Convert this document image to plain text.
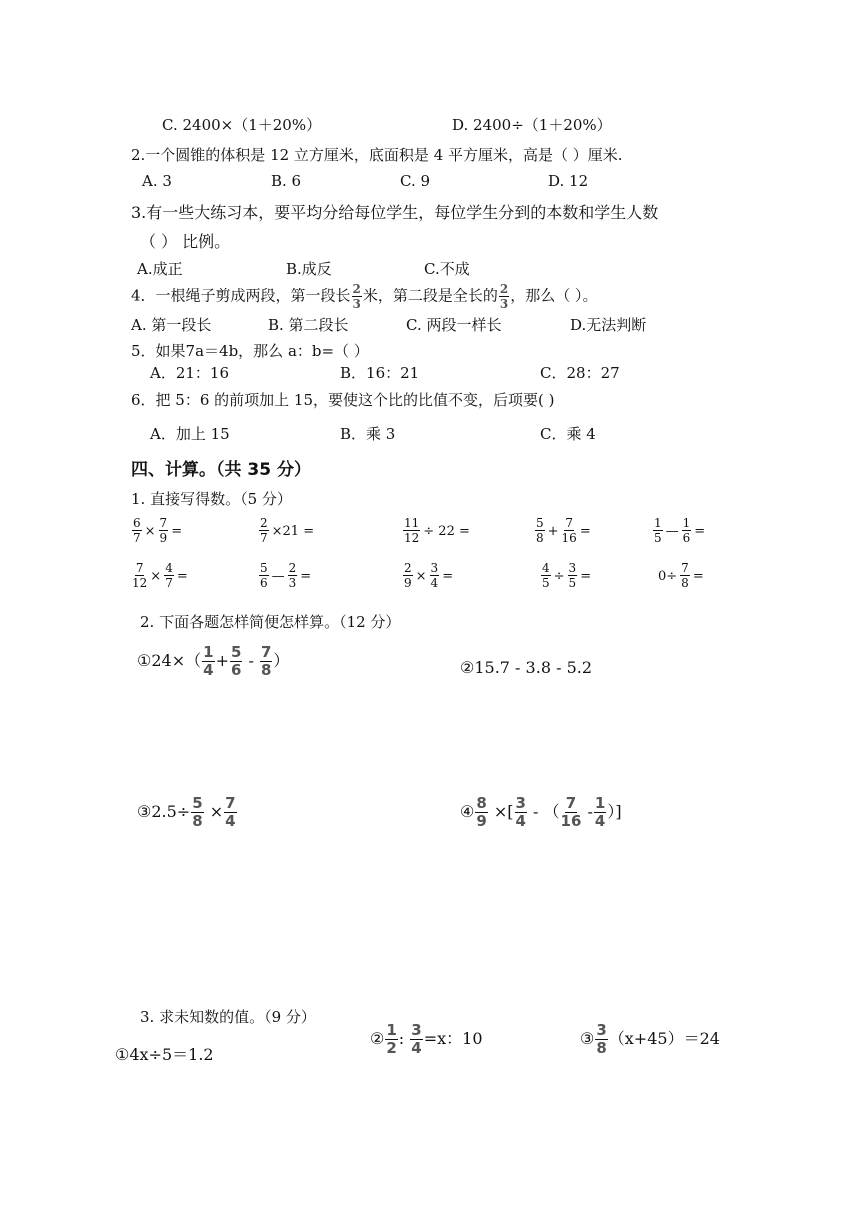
C. 2400×（1＋20%）	D. 2400÷（1＋20%）
2.一个圆锥的体积是 12 立方厘米，底面积是 4 平方厘米，高是（ ）厘米.
A. 3	B. 6	C. 9	D. 12
3.有一些大练习本，要平均分给每位学生，每位学生分到的本数和学生人数
（ ） 比例。
A.成正	B.成反	C.不成
4．一根绳子剪成两段，第一段长 $\frac{2}{3}$ 米，第二段是全长的 $\frac{2}{3}$ ，那么（ ）。
A. 第一段长	B. 第二段长	C. 两段一样长	D.无法判断
5．如果7a＝4b，那么 a：b=（ ）
A．21：16	B．16：21	C．28：27
6．把 5：6 的前项加上 15，要使这个比的比值不变，后项要( )
A．加上 15	B．乘 3	C．乘 4
四、计算。（共 35 分）
1. 直接写得数。（5 分）
$\frac{6}{7} \times \frac{7}{9}$ =	$\frac{2}{7} \times 21$ =	$\frac{11}{12} \div 22$ =	$\frac{5}{8} + \frac{7}{16}$ =	$\frac{1}{5}$ — $\frac{1}{6}$ =
$\frac{7}{12} \times \frac{4}{7}$ =	$\frac{5}{6}$ — $\frac{2}{3}$ =	$\frac{2}{9} \times \frac{3}{4}$ =	$\frac{4}{5} \div \frac{3}{5}$ =	$0\div \frac{7}{8}$ =
2. 下面各题怎样简便怎样算。（12 分）
①24×（ $\frac{1}{4} + \frac{5}{6} - \frac{7}{8}$ ）	②15.7 - 3.8 - 5.2
③2.5÷ $\frac{5}{8} \times \frac{7}{4}$	④ $\frac{8}{9}$ ×[ $\frac{3}{4}$ - （ $\frac{7}{16} - \frac{1}{4}$ ）]
3. 求未知数的值。（9 分）
①4x÷5＝1.2
② $\frac{1}{2}$ : $\frac{3}{4} =x$：10	③ $\frac{3}{8} (x+45)=24$
